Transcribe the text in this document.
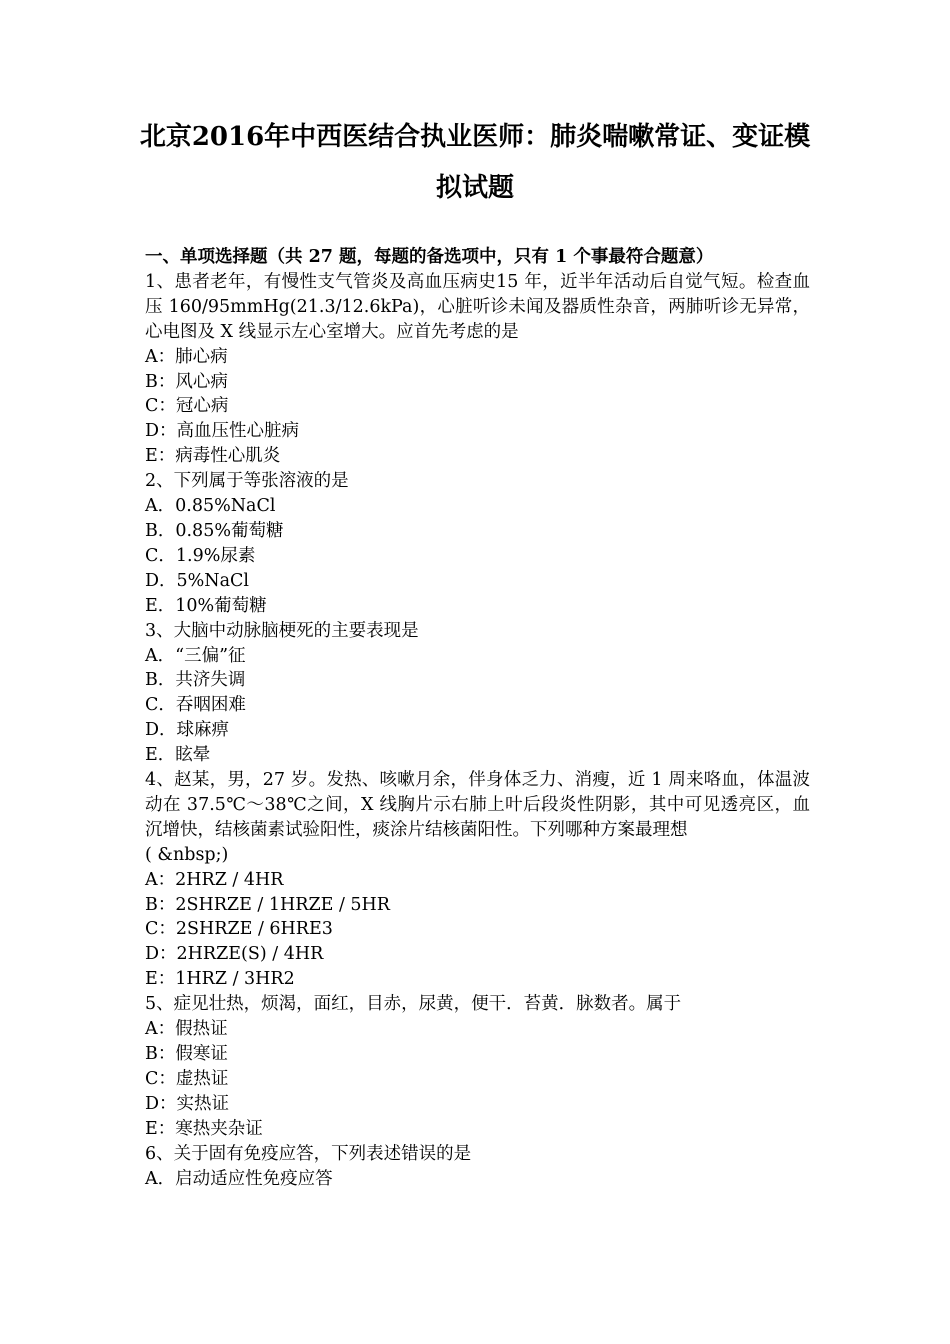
北京2016年中西医结合执业医师：肺炎喘嗽常证、变证模
拟试题
一、单项选择题（共 27 题，每题的备选项中，只有 1 个事最符合题意）

1、患者老年，有慢性支气管炎及高血压病史15 年，近半年活动后自觉气短。检查血压 160/95mmHg(21.3/12.6kPa)，心脏听诊未闻及器质性杂音，两肺听诊无异常，心电图及 X 线显示左心室增大。应首先考虑的是

A：肺心病
B：风心病
C：冠心病
D：高血压性心脏病
E：病毒性心肌炎

2、下列属于等张溶液的是

A．0.85%NaCl
B．0.85%葡萄糖
C．1.9%尿素
D．5%NaCl
E．10%葡萄糖

3、大脑中动脉脑梗死的主要表现是

A．“三偏”征
B．共济失调
C．吞咽困难
D．球麻痹
E．眩晕

4、赵某，男，27 岁。发热、咳嗽月余，伴身体乏力、消瘦，近 1 周来咯血，体温波动在 37.5℃～38℃之间，X 线胸片示右肺上叶后段炎性阴影，其中可见透亮区，血沉增快，结核菌素试验阳性，痰涂片结核菌阳性。下列哪种方案最理想

( &nbsp;)
A：2HRZ / 4HR
B：2SHRZE / 1HRZE / 5HR
C：2SHRZE / 6HRE3
D：2HRZE(S) / 4HR
E：1HRZ / 3HR2

5、症见壮热，烦渴，面红，目赤，尿黄，便干．苔黄．脉数者。属于

A：假热证
B：假寒证
C：虚热证
D：实热证
E：寒热夹杂证

6、关于固有免疫应答，下列表述错误的是

A．启动适应性免疫应答
